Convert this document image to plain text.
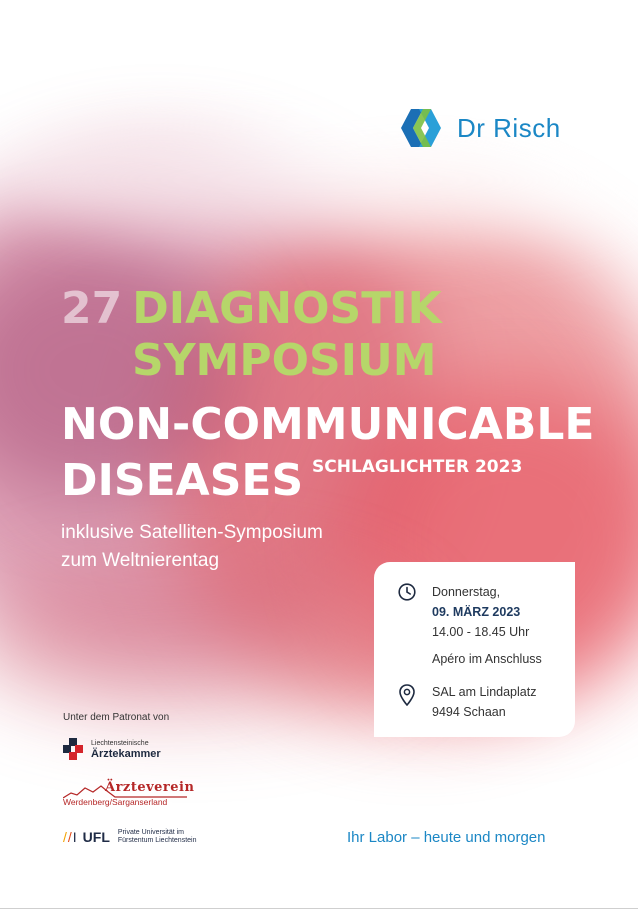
Dr Risch
27 DIAGNOSTIK
SYMPOSIUM
NON-COMMUNICABLE
DISEASES SCHLAGLICHTER 2023
inklusive Satelliten-Symposium
zum Weltnierentag
Donnerstag,
09. MÄRZ 2023
14.00 - 18.45 Uhr
Apéro im Anschluss
SAL am Lindaplatz
9494 Schaan
Unter dem Patronat von
Liechtensteinische
Ärztekammer
Ärzteverein
Werdenberg/Sarganserland
//I UFL Private Universität im
Fürstentum Liechtenstein	Ihr Labor – heute und morgen
